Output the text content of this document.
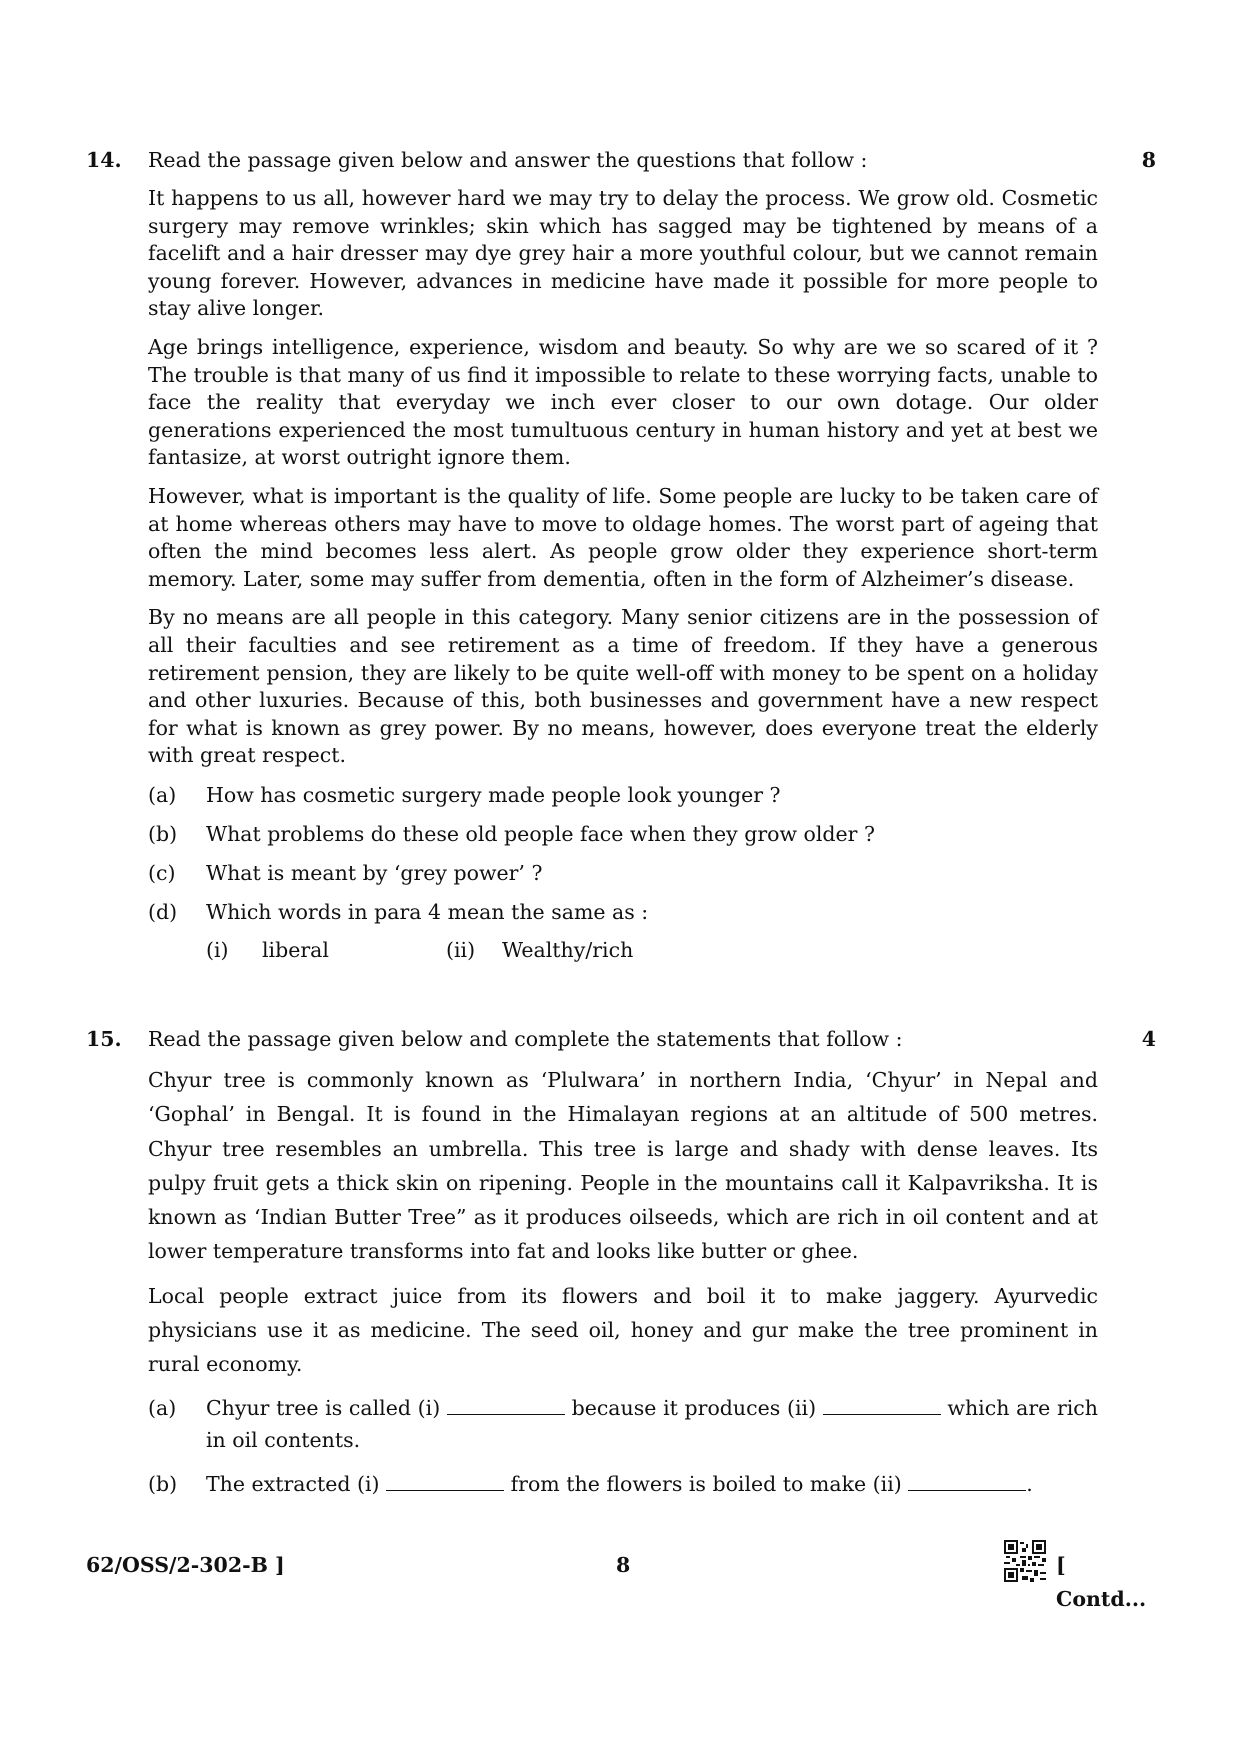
14. Read the passage given below and answer the questions that follow :	8

It happens to us all, however hard we may try to delay the process. We grow old. Cosmetic surgery may remove wrinkles; skin which has sagged may be tightened by means of a facelift and a hair dresser may dye grey hair a more youthful colour, but we cannot remain young forever. However, advances in medicine have made it possible for more people to stay alive longer.

Age brings intelligence, experience, wisdom and beauty. So why are we so scared of it ? The trouble is that many of us find it impossible to relate to these worrying facts, unable to face the reality that everyday we inch ever closer to our own dotage. Our older generations experienced the most tumultuous century in human history and yet at best we fantasize, at worst outright ignore them.

However, what is important is the quality of life. Some people are lucky to be taken care of at home whereas others may have to move to oldage homes. The worst part of ageing that often the mind becomes less alert. As people grow older they experience short-term memory. Later, some may suffer from dementia, often in the form of Alzheimer’s disease.

By no means are all people in this category. Many senior citizens are in the possession of all their faculties and see retirement as a time of freedom. If they have a generous retirement pension, they are likely to be quite well-off with money to be spent on a holiday and other luxuries. Because of this, both businesses and government have a new respect for what is known as grey power. By no means, however, does everyone treat the elderly with great respect.

(a) How has cosmetic surgery made people look younger ?
(b) What problems do these old people face when they grow older ?
(c) What is meant by ‘grey power’ ?
(d) Which words in para 4 mean the same as :
(i) liberal	(ii) Wealthy/rich
15. Read the passage given below and complete the statements that follow :	4

Chyur tree is commonly known as ‘Plulwara’ in northern India, ‘Chyur’ in Nepal and ‘Gophal’ in Bengal. It is found in the Himalayan regions at an altitude of 500 metres. Chyur tree resembles an umbrella. This tree is large and shady with dense leaves. Its pulpy fruit gets a thick skin on ripening. People in the mountains call it Kalpavriksha. It is known as ‘Indian Butter Tree” as it produces oilseeds, which are rich in oil content and at lower temperature transforms into fat and looks like butter or ghee.

Local people extract juice from its flowers and boil it to make jaggery. Ayurvedic physicians use it as medicine. The seed oil, honey and gur make the tree prominent in rural economy.

(a) Chyur tree is called (i)	because it produces (ii)	which are rich in oil contents.
(b) The extracted (i)	from the flowers is boiled to make (ii)	.
62/OSS/2-302-B ]	8	[ Contd...
